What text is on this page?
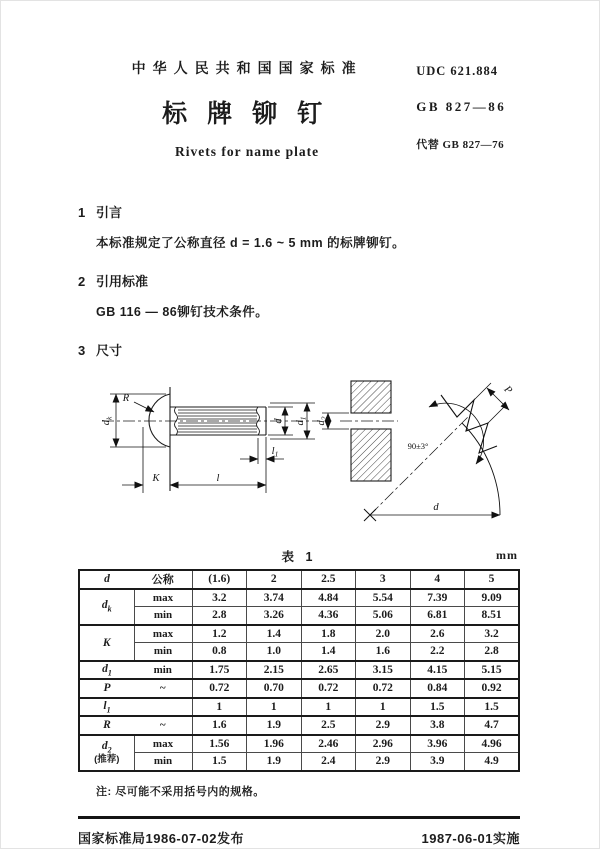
中华人民共和国国家标准
标牌铆钉
Rivets for name plate
UDC 621.884
GB 827—86
代替 GB 827—76
1 引言

本标准规定了公称直径 d = 1.6 ~ 5 mm 的标牌铆钉。

2 引用标准

GB 116 — 86铆钉技术条件。

3 尺寸
R
$d_k$
K	l
d $d_1$
$l_1$
$d_2$
90±3°
P
d
表 1	mm
d	公称	(1.6)	2	2.5	3	4	5
$d_k$	max	3.2	3.74	4.84	5.54	7.39	9.09
	min	2.8	3.26	4.36	5.06	6.81	8.51
K	max	1.2	1.4	1.8	2.0	2.6	3.2
	min	0.8	1.0	1.4	1.6	2.2	2.8
$d_1$	min	1.75	2.15	2.65	3.15	4.15	5.15
P	~	0.72	0.70	0.72	0.72	0.84	0.92
$l_1$		1	1	1	1	1.5	1.5
R	~	1.6	1.9	2.5	2.9	3.8	4.7
$d_2$
(推荐)	max	1.56	1.96	2.46	2.96	3.96	4.96
	min	1.5	1.9	2.4	2.9	3.9	4.9

注: 尽可能不采用括号内的规格。

国家标准局1986-07-02发布	1987-06-01实施
